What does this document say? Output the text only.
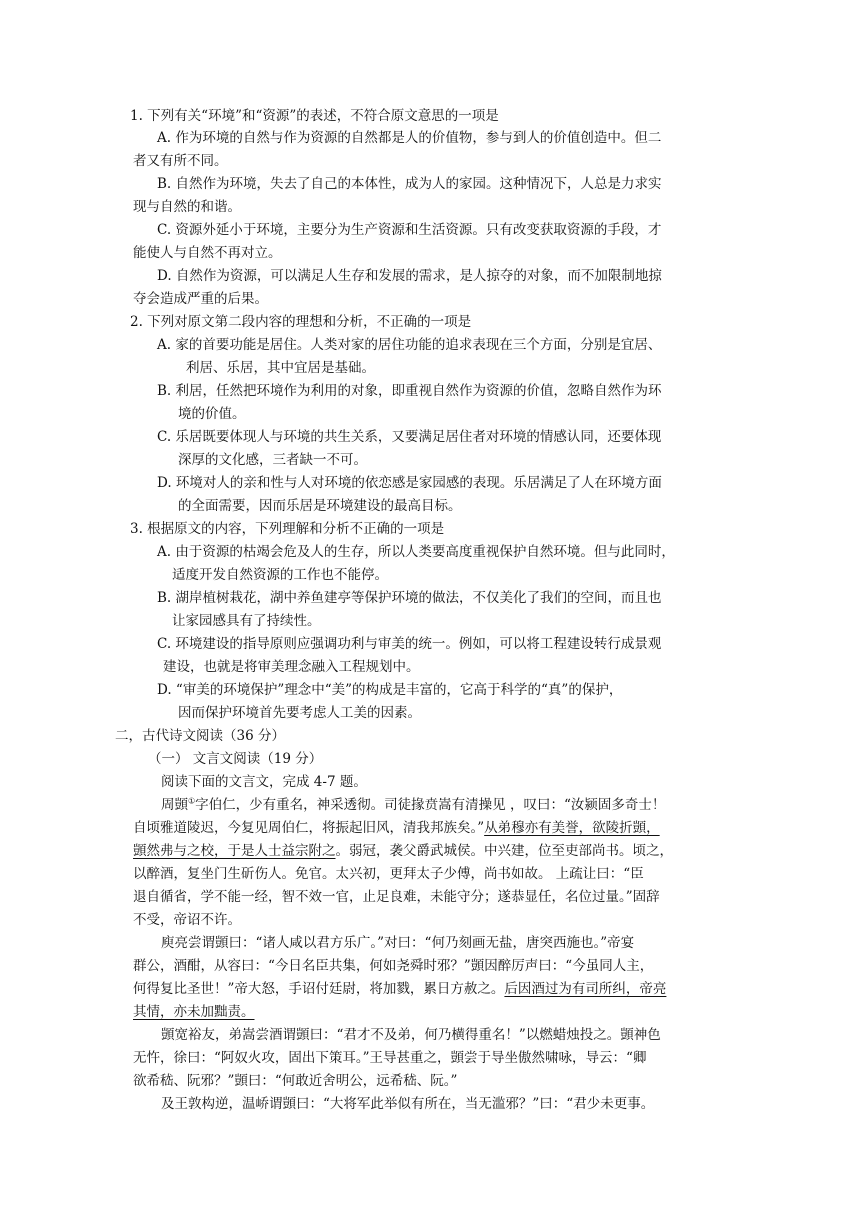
1. 下列有关“环境”和“资源”的表述，不符合原文意思的一项是
A. 作为环境的自然与作为资源的自然都是人的价值物，参与到人的价值创造中。但二
者又有所不同。
B. 自然作为环境，失去了自己的本体性，成为人的家园。这种情况下，人总是力求实
现与自然的和谐。
C. 资源外延小于环境，主要分为生产资源和生活资源。只有改变获取资源的手段，才
能使人与自然不再对立。
D. 自然作为资源，可以满足人生存和发展的需求，是人掠夺的对象，而不加限制地掠
夺会造成严重的后果。
2. 下列对原文第二段内容的理想和分析，不正确的一项是
A. 家的首要功能是居住。人类对家的居住功能的追求表现在三个方面，分别是宜居、
利居、乐居，其中宜居是基础。
B. 利居，任然把环境作为利用的对象，即重视自然作为资源的价值，忽略自然作为环
境的价值。
C. 乐居既要体现人与环境的共生关系，又要满足居住者对环境的情感认同，还要体现
深厚的文化感，三者缺一不可。
D. 环境对人的亲和性与人对环境的依恋感是家园感的表现。乐居满足了人在环境方面
的全面需要，因而乐居是环境建设的最高目标。
3. 根据原文的内容，下列理解和分析不正确的一项是
A. 由于资源的枯竭会危及人的生存，所以人类要高度重视保护自然环境。但与此同时，
适度开发自然资源的工作也不能停。
B. 湖岸植树栽花，湖中养鱼建亭等保护环境的做法，不仅美化了我们的空间，而且也
让家园感具有了持续性。
C. 环境建设的指导原则应强调功利与审美的统一。例如，可以将工程建设转行成景观
建设，也就是将审美理念融入工程规划中。
D. “审美的环境保护”理念中“美”的构成是丰富的，它高于科学的“真”的保护，
因而保护环境首先要考虑人工美的因素。
二，古代诗文阅读（36 分）
（一） 文言文阅读（19 分）
阅读下面的文言文，完成 4-7 题。
周顗①字伯仁，少有重名，神采透彻。司徒掾贲嵩有清操见 ，叹曰：“汝颍固多奇士！
自顷雅道陵迟，今复见周伯仁，将振起旧风，清我邦族矣。”从弟穆亦有美誉，欲陵折顗，
顗然弗与之校，于是人士益宗附之。弱冠，袭父爵武城侯。中兴建，位至吏部尚书。顷之，
以醉酒，复坐门生斫伤人。免官。太兴初，更拜太子少傅，尚书如故。 上疏让曰：“臣
退自循省，学不能一经，智不效一官，止足良难，未能守分；遂恭显任，名位过量。”固辞
不受，帝诏不许。
庾亮尝谓顗曰：“诸人咸以君方乐广。”对曰：“何乃刻画无盐，唐突西施也。”帝宴
群公，酒酣，从容曰：“今日名臣共集，何如尧舜时邪？”顗因醉厉声曰：“今虽同人主，
何得复比圣世！”帝大怒，手诏付廷尉，将加戮，累日方赦之。后因酒过为有司所纠，帝亮
其情，亦未加黜责。
顗宽裕友，弟嵩尝酒谓顗曰：“君才不及弟，何乃横得重名！”以燃蜡烛投之。顗神色
无忤，徐曰：“阿奴火攻，固出下策耳。”王导甚重之，顗尝于导坐傲然啸咏，导云：“卿
欲希嵇、阮邪？”顗曰：“何敢近舍明公，远希嵇、阮。”
及王敦构逆，温峤谓顗曰：“大将军此举似有所在，当无滥邪？”曰：“君少未更事。
